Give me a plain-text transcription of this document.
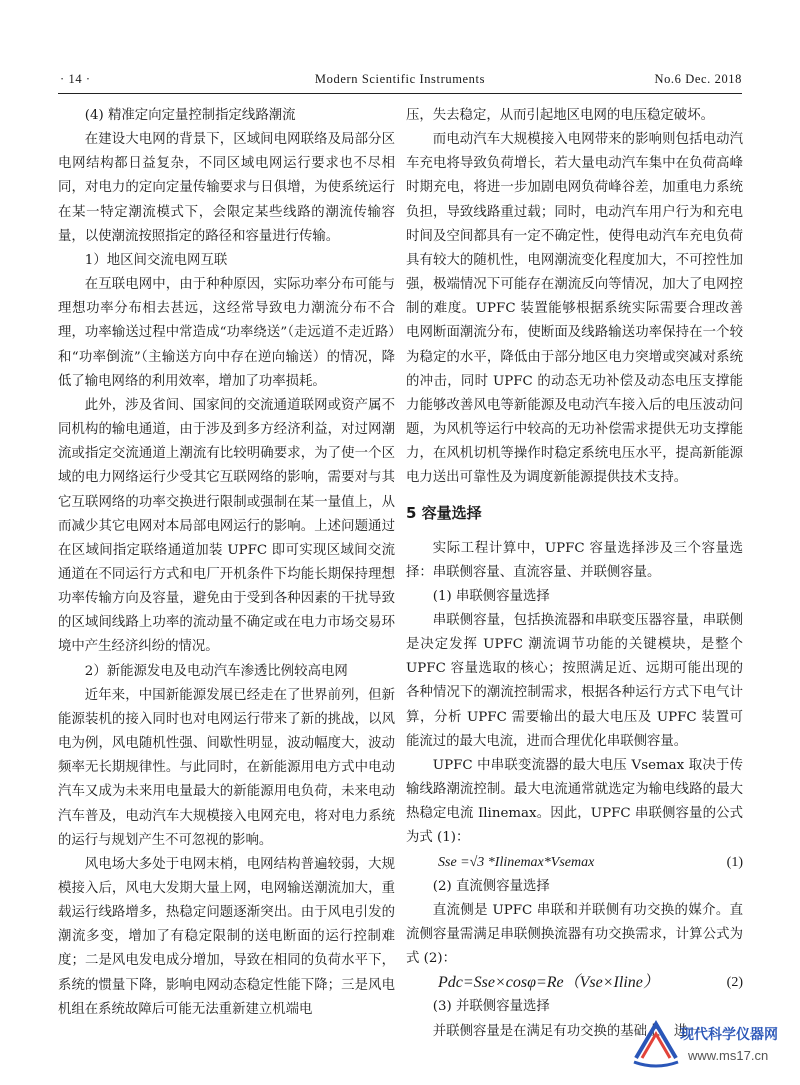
· 14 ·	Modern Scientific Instruments	No.6 Dec. 2018

(4) 精准定向定量控制指定线路潮流

在建设大电网的背景下，区域间电网联络及局部分区电网结构都日益复杂，不同区域电网运行要求也不尽相同，对电力的定向定量传输要求与日俱增，为使系统运行在某一特定潮流模式下，会限定某些线路的潮流传输容量，以使潮流按照指定的路径和容量进行传输。

1）地区间交流电网互联

在互联电网中，由于种种原因，实际功率分布可能与理想功率分布相去甚远，这经常导致电力潮流分布不合理，功率输送过程中常造成“功率绕送”（走远道不走近路）和“功率倒流”（主输送方向中存在逆向输送）的情况，降低了输电网络的利用效率，增加了功率损耗。

此外，涉及省间、国家间的交流通道联网或资产属不同机构的输电通道，由于涉及到多方经济利益，对过网潮流或指定交流通道上潮流有比较明确要求，为了使一个区域的电力网络运行少受其它互联网络的影响，需要对与其它互联网络的功率交换进行限制或强制在某一量值上，从而减少其它电网对本局部电网运行的影响。上述问题通过在区域间指定联络通道加装 UPFC 即可实现区域间交流通道在不同运行方式和电厂开机条件下均能长期保持理想功率传输方向及容量，避免由于受到各种因素的干扰导致的区域间线路上功率的流动量不确定或在电力市场交易环境中产生经济纠纷的情况。

2）新能源发电及电动汽车渗透比例较高电网

近年来，中国新能源发展已经走在了世界前列，但新能源装机的接入同时也对电网运行带来了新的挑战，以风电为例，风电随机性强、间歇性明显，波动幅度大，波动频率无长期规律性。与此同时，在新能源用电方式中电动汽车又成为未来用电量最大的新能源用电负荷，未来电动汽车普及，电动汽车大规模接入电网充电，将对电力系统的运行与规划产生不可忽视的影响。

风电场大多处于电网末梢，电网结构普遍较弱，大规模接入后，风电大发期大量上网，电网输送潮流加大，重载运行线路增多，热稳定问题逐渐突出。由于风电引发的潮流多变，增加了有稳定限制的送电断面的运行控制难度；二是风电发电成分增加，导致在相同的负荷水平下，系统的惯量下降，影响电网动态稳定性能下降；三是风电机组在系统故障后可能无法重新建立机端电

压，失去稳定，从而引起地区电网的电压稳定破坏。

而电动汽车大规模接入电网带来的影响则包括电动汽车充电将导致负荷增长，若大量电动汽车集中在负荷高峰时期充电，将进一步加剧电网负荷峰谷差，加重电力系统负担，导致线路重过载；同时，电动汽车用户行为和充电时间及空间都具有一定不确定性，使得电动汽车充电负荷具有较大的随机性，电网潮流变化程度加大，不可控性加强，极端情况下可能存在潮流反向等情况，加大了电网控制的难度。UPFC 装置能够根据系统实际需要合理改善电网断面潮流分布，使断面及线路输送功率保持在一个较为稳定的水平，降低由于部分地区电力突增或突减对系统的冲击，同时 UPFC 的动态无功补偿及动态电压支撑能力能够改善风电等新能源及电动汽车接入后的电压波动问题，为风机等运行中较高的无功补偿需求提供无功支撑能力，在风机切机等操作时稳定系统电压水平，提高新能源电力送出可靠性及为调度新能源提供技术支持。

5 容量选择

实际工程计算中，UPFC 容量选择涉及三个容量选择：串联侧容量、直流容量、并联侧容量。

(1) 串联侧容量选择

串联侧容量，包括换流器和串联变压器容量，串联侧是决定发挥 UPFC 潮流调节功能的关键模块，是整个 UPFC 容量选取的核心；按照满足近、远期可能出现的各种情况下的潮流控制需求，根据各种运行方式下电气计算，分析 UPFC 需要输出的最大电压及 UPFC 装置可能流过的最大电流，进而合理优化串联侧容量。

UPFC 中串联变流器的最大电压 Vsemax 取决于传输线路潮流控制。最大电流通常就选定为输电线路的最大热稳定电流 Ilinemax。因此，UPFC 串联侧容量的公式为式 (1)：

Sse =√3 *Ilinemax*Vsemax	(1)

(2) 直流侧容量选择

直流侧是 UPFC 串联和并联侧有功交换的媒介。直流侧容量需满足串联侧换流器有功交换需求，计算公式为式 (2)：

Pdc=Sse×cosφ=Re（Vse×Iline）	(2)

(3) 并联侧容量选择

并联侧容量是在满足有功交换的基础上，进一

现代科学仪器网
www.ms17.cn
